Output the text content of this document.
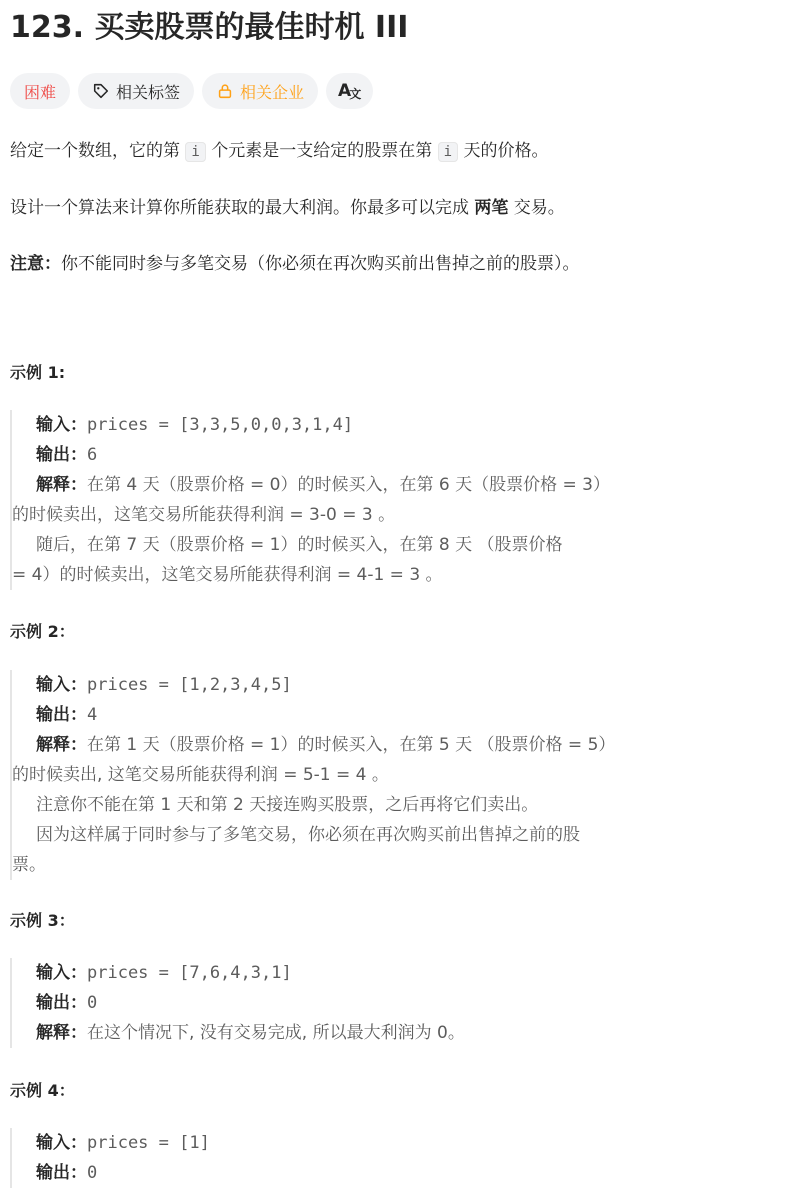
123. 买卖股票的最佳时机 III
困难	相关标签	相关企业 A
文

给定一个数组，它的第 i 个元素是一支给定的股票在第 i 天的价格。

设计一个算法来计算你所能获取的最大利润。你最多可以完成 两笔 交易。

注意：你不能同时参与多笔交易（你必须在再次购买前出售掉之前的股票）。

示例 1:
输入：prices = [3,3,5,0,0,3,1,4]
输出：6
解释：在第 4 天（股票价格 = 0）的时候买入，在第 6 天（股票价格 = 3）
的时候卖出，这笔交易所能获得利润 = 3-0 = 3 。
随后，在第 7 天（股票价格 = 1）的时候买入，在第 8 天 （股票价格
= 4）的时候卖出，这笔交易所能获得利润 = 4-1 = 3 。
示例 2：
输入：prices = [1,2,3,4,5]
输出：4
解释：在第 1 天（股票价格 = 1）的时候买入，在第 5 天 （股票价格 = 5）
的时候卖出, 这笔交易所能获得利润 = 5-1 = 4 。
注意你不能在第 1 天和第 2 天接连购买股票，之后再将它们卖出。
因为这样属于同时参与了多笔交易，你必须在再次购买前出售掉之前的股
票。
示例 3：
输入：prices = [7,6,4,3,1]
输出：0
解释：在这个情况下, 没有交易完成, 所以最大利润为 0。
示例 4：
输入：prices = [1]
输出：0
